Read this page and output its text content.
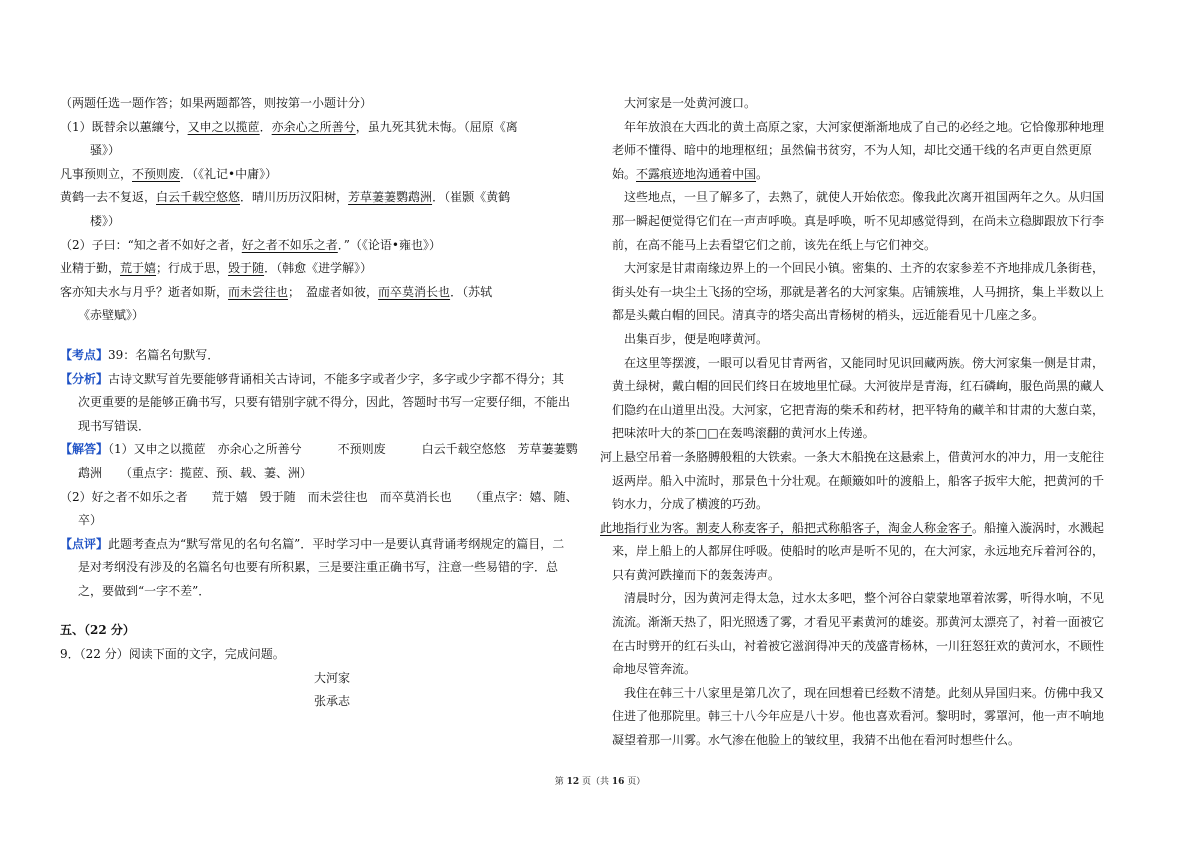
（两题任选一题作答；如果两题都答，则按第一小题计分）
（1）既替余以蕙纕兮，又申之以揽茝．亦余心之所善兮，虽九死其犹未悔。（屈原《离
骚》）
凡事预则立，不预则废．（《礼记•中庸》）
黄鹤一去不复返，白云千载空悠悠．晴川历历汉阳树，芳草萋萋鹦鹉洲．（崔颢《黄鹤
楼》）
（2）子曰：“知之者不如好之者，好之者不如乐之者．”（《论语•雍也》）
业精于勤，荒于嬉；行成于思，毁于随．（韩愈《进学解》）
客亦知夫水与月乎？逝者如斯，而未尝往也；　盈虚者如彼，而卒莫消长也．（苏轼
《赤壁赋》）
【考点】39：名篇名句默写．
【分析】古诗文默写首先要能够背诵相关古诗词，不能多字或者少字，多字或少字都不得分；其
次更重要的是能够正确书写，只要有错别字就不得分，因此，答题时书写一定要仔细，不能出
现书写错误．
【解答】（1）又申之以揽茝　亦余心之所善兮　　　不预则废　　　白云千载空悠悠　芳草萋萋鹦
鹉洲　　（重点字：揽茝、预、载、萋、洲）
（2）好之者不如乐之者　　荒于嬉　毁于随　而未尝往也　而卒莫消长也　　（重点字：嬉、随、
卒）
【点评】此题考查点为“默写常见的名句名篇”．平时学习中一是要认真背诵考纲规定的篇目，二
是对考纲没有涉及的名篇名句也要有所积累，三是要注重正确书写，注意一些易错的字．总
之，要做到“一字不差”．
五、（22 分）
9．（22 分）阅读下面的文字，完成问题。
大河家
张承志
　大河家是一处黄河渡口。
　年年放浪在大西北的黄土高原之家，大河家便渐渐地成了自己的必经之地。它恰像那种地理
老师不懂得、暗中的地理枢纽；虽然偏书贫穷，不为人知，却比交通干线的名声更自然更原
始。不露痕迹地沟通着中国。
　这些地点，一旦了解多了，去熟了，就使人开始依恋。像我此次离开祖国两年之久。从归国
那一瞬起便觉得它们在一声声呼唤。真是呼唤，听不见却感觉得到，在尚未立稳脚跟放下行李
前，在高不能马上去看望它们之前，该先在纸上与它们神交。
　大河家是甘肃南缘边界上的一个回民小镇。密集的、土齐的农家参差不齐地排成几条街巷，
街头处有一块尘土飞扬的空场，那就是著名的大河家集。店铺簇堆，人马拥挤，集上半数以上
都是头戴白帽的回民。清真寺的塔尖高出青杨树的梢头，远近能看见十几座之多。
　出集百步，便是咆哮黄河。
　在这里等摆渡，一眼可以看见甘青两省，又能同时见识回藏两族。傍大河家集一侧是甘肃，
黄土绿树，戴白帽的回民们终日在坡地里忙碌。大河彼岸是青海，红石磷峋，服色尚黑的藏人
们隐约在山道里出没。大河家，它把青海的柴禾和药材，把平特角的藏羊和甘肃的大葱白菜，
把味浓叶大的茶□□在轰鸣滚翻的黄河水上传递。
河上悬空吊着一条胳膊般粗的大铁索。一条大木船挽在这悬索上，借黄河水的冲力，用一支舵往
返两岸。船入中流时，那景色十分壮观。在颠簸如叶的渡船上，船客子扳牢大舵，把黄河的千
钧水力，分成了横渡的巧劲。
此地指行业为客。割麦人称麦客子，船把式称船客子，淘金人称金客子。船撞入漩涡时，水溅起
来，岸上船上的人都屏住呼吸。使船时的吆声是听不见的，在大河家，永远地充斥着河谷的，
只有黄河跌撞而下的轰轰涛声。
　清晨时分，因为黄河走得太急，过水太多吧，整个河谷白蒙蒙地罩着浓雾，听得水响，不见
流流。渐渐天热了，阳光照透了雾，才看见平素黄河的雄姿。那黄河太漂亮了，衬着一面被它
在古时劈开的红石头山，衬着被它滋润得冲天的茂盛青杨林，一川狂怒狂欢的黄河水，不顾性
命地尽管奔流。
　我住在韩三十八家里是第几次了，现在回想着已经数不清楚。此刻从异国归来。仿佛中我又
住进了他那院里。韩三十八今年应是八十岁。他也喜欢看河。黎明时，雾罩河，他一声不响地
凝望着那一川雾。水气渗在他脸上的皱纹里，我猜不出他在看河时想些什么。
第 12 页（共 16 页）
